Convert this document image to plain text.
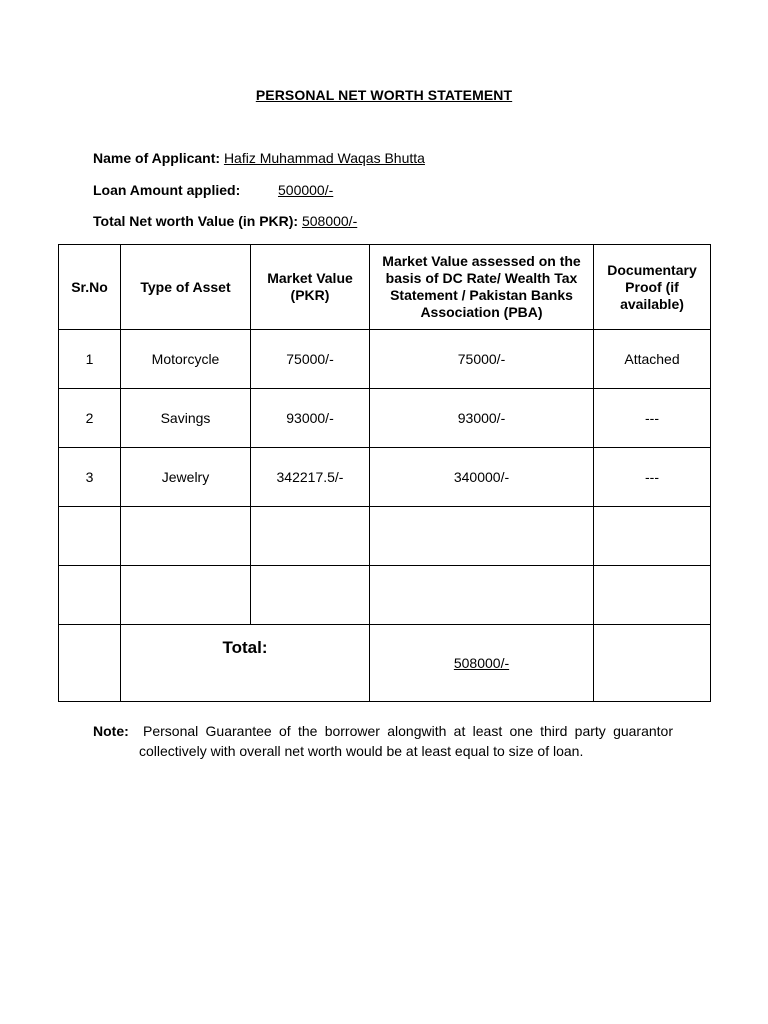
PERSONAL NET WORTH STATEMENT
Name of Applicant: Hafiz Muhammad Waqas Bhutta
Loan Amount applied:	500000/-
Total Net worth Value (in PKR): 508000/-
Sr.No	Type of Asset	Market Value (PKR)	Market Value assessed on the basis of DC Rate/ Wealth Tax Statement / Pakistan Banks Association (PBA)	Documentary Proof (if available)
1	Motorcycle	75000/-	75000/-	Attached
2	Savings	93000/-	93000/-	---
3	Jewelry	342217.5/-	340000/-	---

	Total:		508000/-	
Note: Personal Guarantee of the borrower alongwith at least one third party guarantor collectively with overall net worth would be at least equal to size of loan.
